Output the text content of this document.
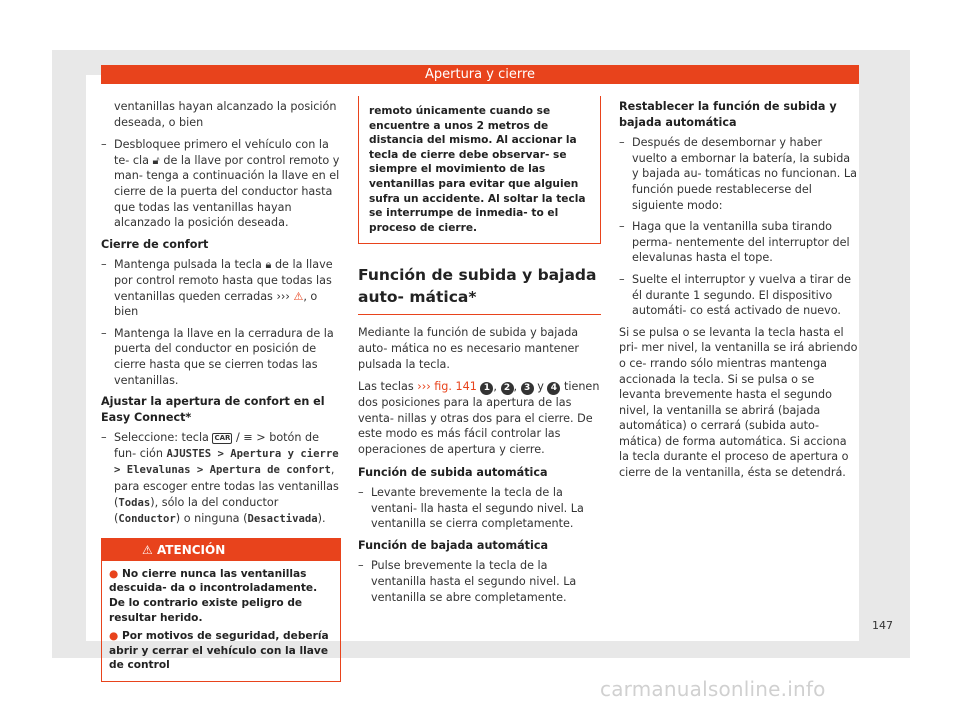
Apertura y cierre

ventanillas hayan alcanzado la posición deseada, o bien

– Desbloquee primero el vehículo con la te- cla 🔓︎ de la llave por control remoto y man- tenga a continuación la llave en el cierre de la puerta del conductor hasta que todas las ventanillas hayan alcanzado la posición deseada.

Cierre de confort

– Mantenga pulsada la tecla 🔒︎ de la llave por control remoto hasta que todas las ventanillas queden cerradas ››› ⚠, o bien

– Mantenga la llave en la cerradura de la puerta del conductor en posición de cierre hasta que se cierren todas las ventanillas.

Ajustar la apertura de confort en el Easy Connect*

– Seleccione: tecla CAR / ≡ > botón de fun- ción AJUSTES > Apertura y cierre > Elevalunas > Apertura de confort, para escoger entre todas las ventanillas (Todas), sólo la del conductor (Conductor) o ninguna (Desactivada).

⚠ ATENCIÓN

● No cierre nunca las ventanillas descuida- da o incontroladamente. De lo contrario existe peligro de resultar herido.

● Por motivos de seguridad, debería abrir y cerrar el vehículo con la llave de control

remoto únicamente cuando se encuentre a unos 2 metros de distancia del mismo. Al accionar la tecla de cierre debe observar- se siempre el movimiento de las ventanillas para evitar que alguien sufra un accidente. Al soltar la tecla se interrumpe de inmedia- to el proceso de cierre.

Función de subida y bajada auto- mática*

Mediante la función de subida y bajada auto- mática no es necesario mantener pulsada la tecla.

Las teclas ››› fig. 141 1 , 2 , 3 y 4 tienen dos posiciones para la apertura de las venta- nillas y otras dos para el cierre. De este modo es más fácil controlar las operaciones de apertura y cierre.

Función de subida automática

– Levante brevemente la tecla de la ventani- lla hasta el segundo nivel. La ventanilla se cierra completamente.

Función de bajada automática

– Pulse brevemente la tecla de la ventanilla hasta el segundo nivel. La ventanilla se abre completamente.

Restablecer la función de subida y bajada automática

– Después de desembornar y haber vuelto a embornar la batería, la subida y bajada au- tomáticas no funcionan. La función puede restablecerse del siguiente modo:

– Haga que la ventanilla suba tirando perma- nentemente del interruptor del elevalunas hasta el tope.

– Suelte el interruptor y vuelva a tirar de él durante 1 segundo. El dispositivo automáti- co está activado de nuevo.

Si se pulsa o se levanta la tecla hasta el pri- mer nivel, la ventanilla se irá abriendo o ce- rrando sólo mientras mantenga accionada la tecla. Si se pulsa o se levanta brevemente hasta el segundo nivel, la ventanilla se abrirá (bajada automática) o cerrará (subida auto- mática) de forma automática. Si acciona la tecla durante el proceso de apertura o cierre de la ventanilla, ésta se detendrá.

147
carmanualsonline.info
